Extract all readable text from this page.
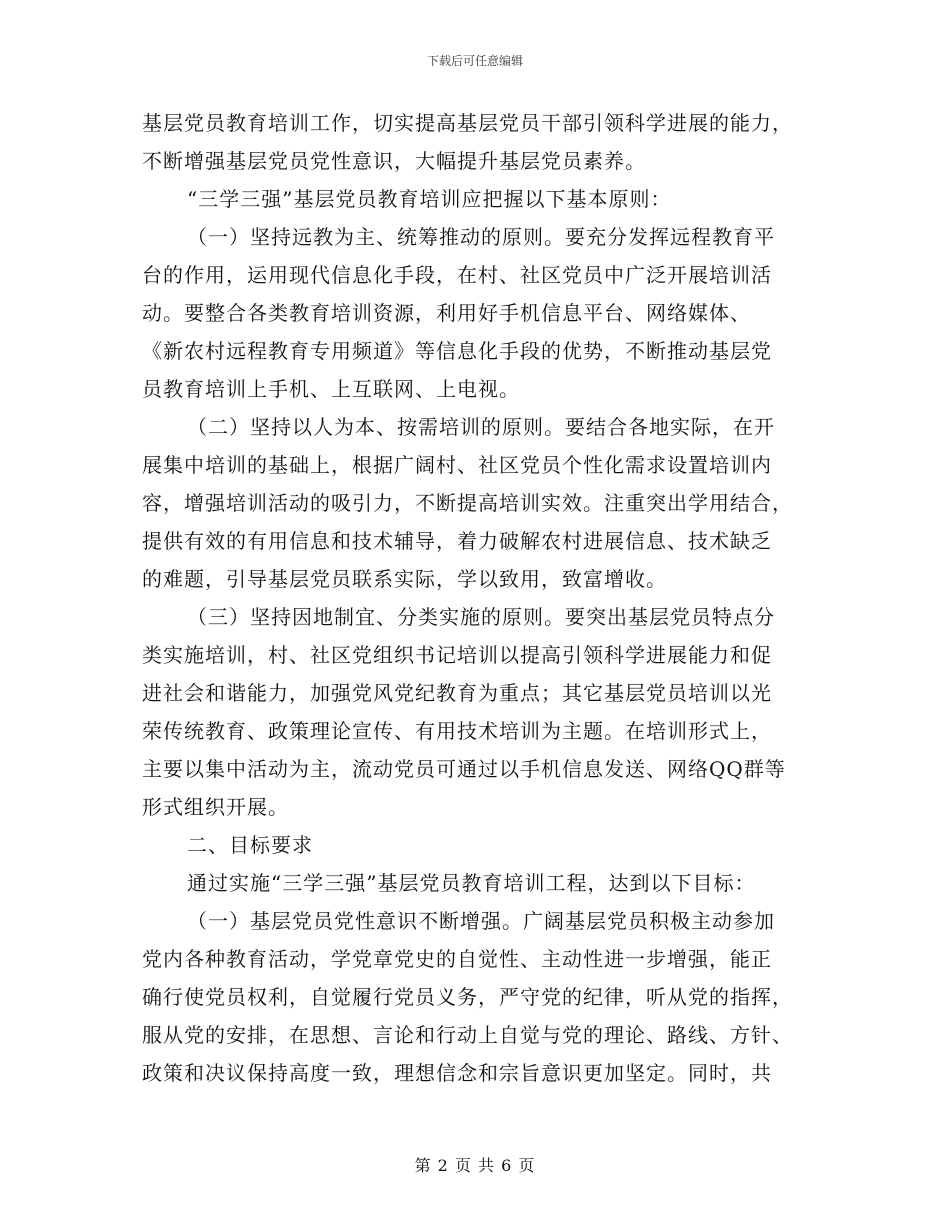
下载后可任意编辑
基层党员教育培训工作，切实提高基层党员干部引领科学进展的能力，
不断增强基层党员党性意识，大幅提升基层党员素养。
“三学三强”基层党员教育培训应把握以下基本原则：
（一）坚持远教为主、统筹推动的原则。要充分发挥远程教育平
台的作用，运用现代信息化手段，在村、社区党员中广泛开展培训活
动。要整合各类教育培训资源，利用好手机信息平台、网络媒体、
《新农村远程教育专用频道》等信息化手段的优势，不断推动基层党
员教育培训上手机、上互联网、上电视。
（二）坚持以人为本、按需培训的原则。要结合各地实际，在开
展集中培训的基础上，根据广阔村、社区党员个性化需求设置培训内
容，增强培训活动的吸引力，不断提高培训实效。注重突出学用结合，
提供有效的有用信息和技术辅导，着力破解农村进展信息、技术缺乏
的难题，引导基层党员联系实际，学以致用，致富增收。
（三）坚持因地制宜、分类实施的原则。要突出基层党员特点分
类实施培训，村、社区党组织书记培训以提高引领科学进展能力和促
进社会和谐能力，加强党风党纪教育为重点；其它基层党员培训以光
荣传统教育、政策理论宣传、有用技术培训为主题。在培训形式上，
主要以集中活动为主，流动党员可通过以手机信息发送、网络QQ群等
形式组织开展。
二、目标要求
通过实施“三学三强”基层党员教育培训工程，达到以下目标：
（一）基层党员党性意识不断增强。广阔基层党员积极主动参加
党内各种教育活动，学党章党史的自觉性、主动性进一步增强，能正
确行使党员权利，自觉履行党员义务，严守党的纪律，听从党的指挥，
服从党的安排，在思想、言论和行动上自觉与党的理论、路线、方针、
政策和决议保持高度一致，理想信念和宗旨意识更加坚定。同时，共
第 2 页 共 6 页
